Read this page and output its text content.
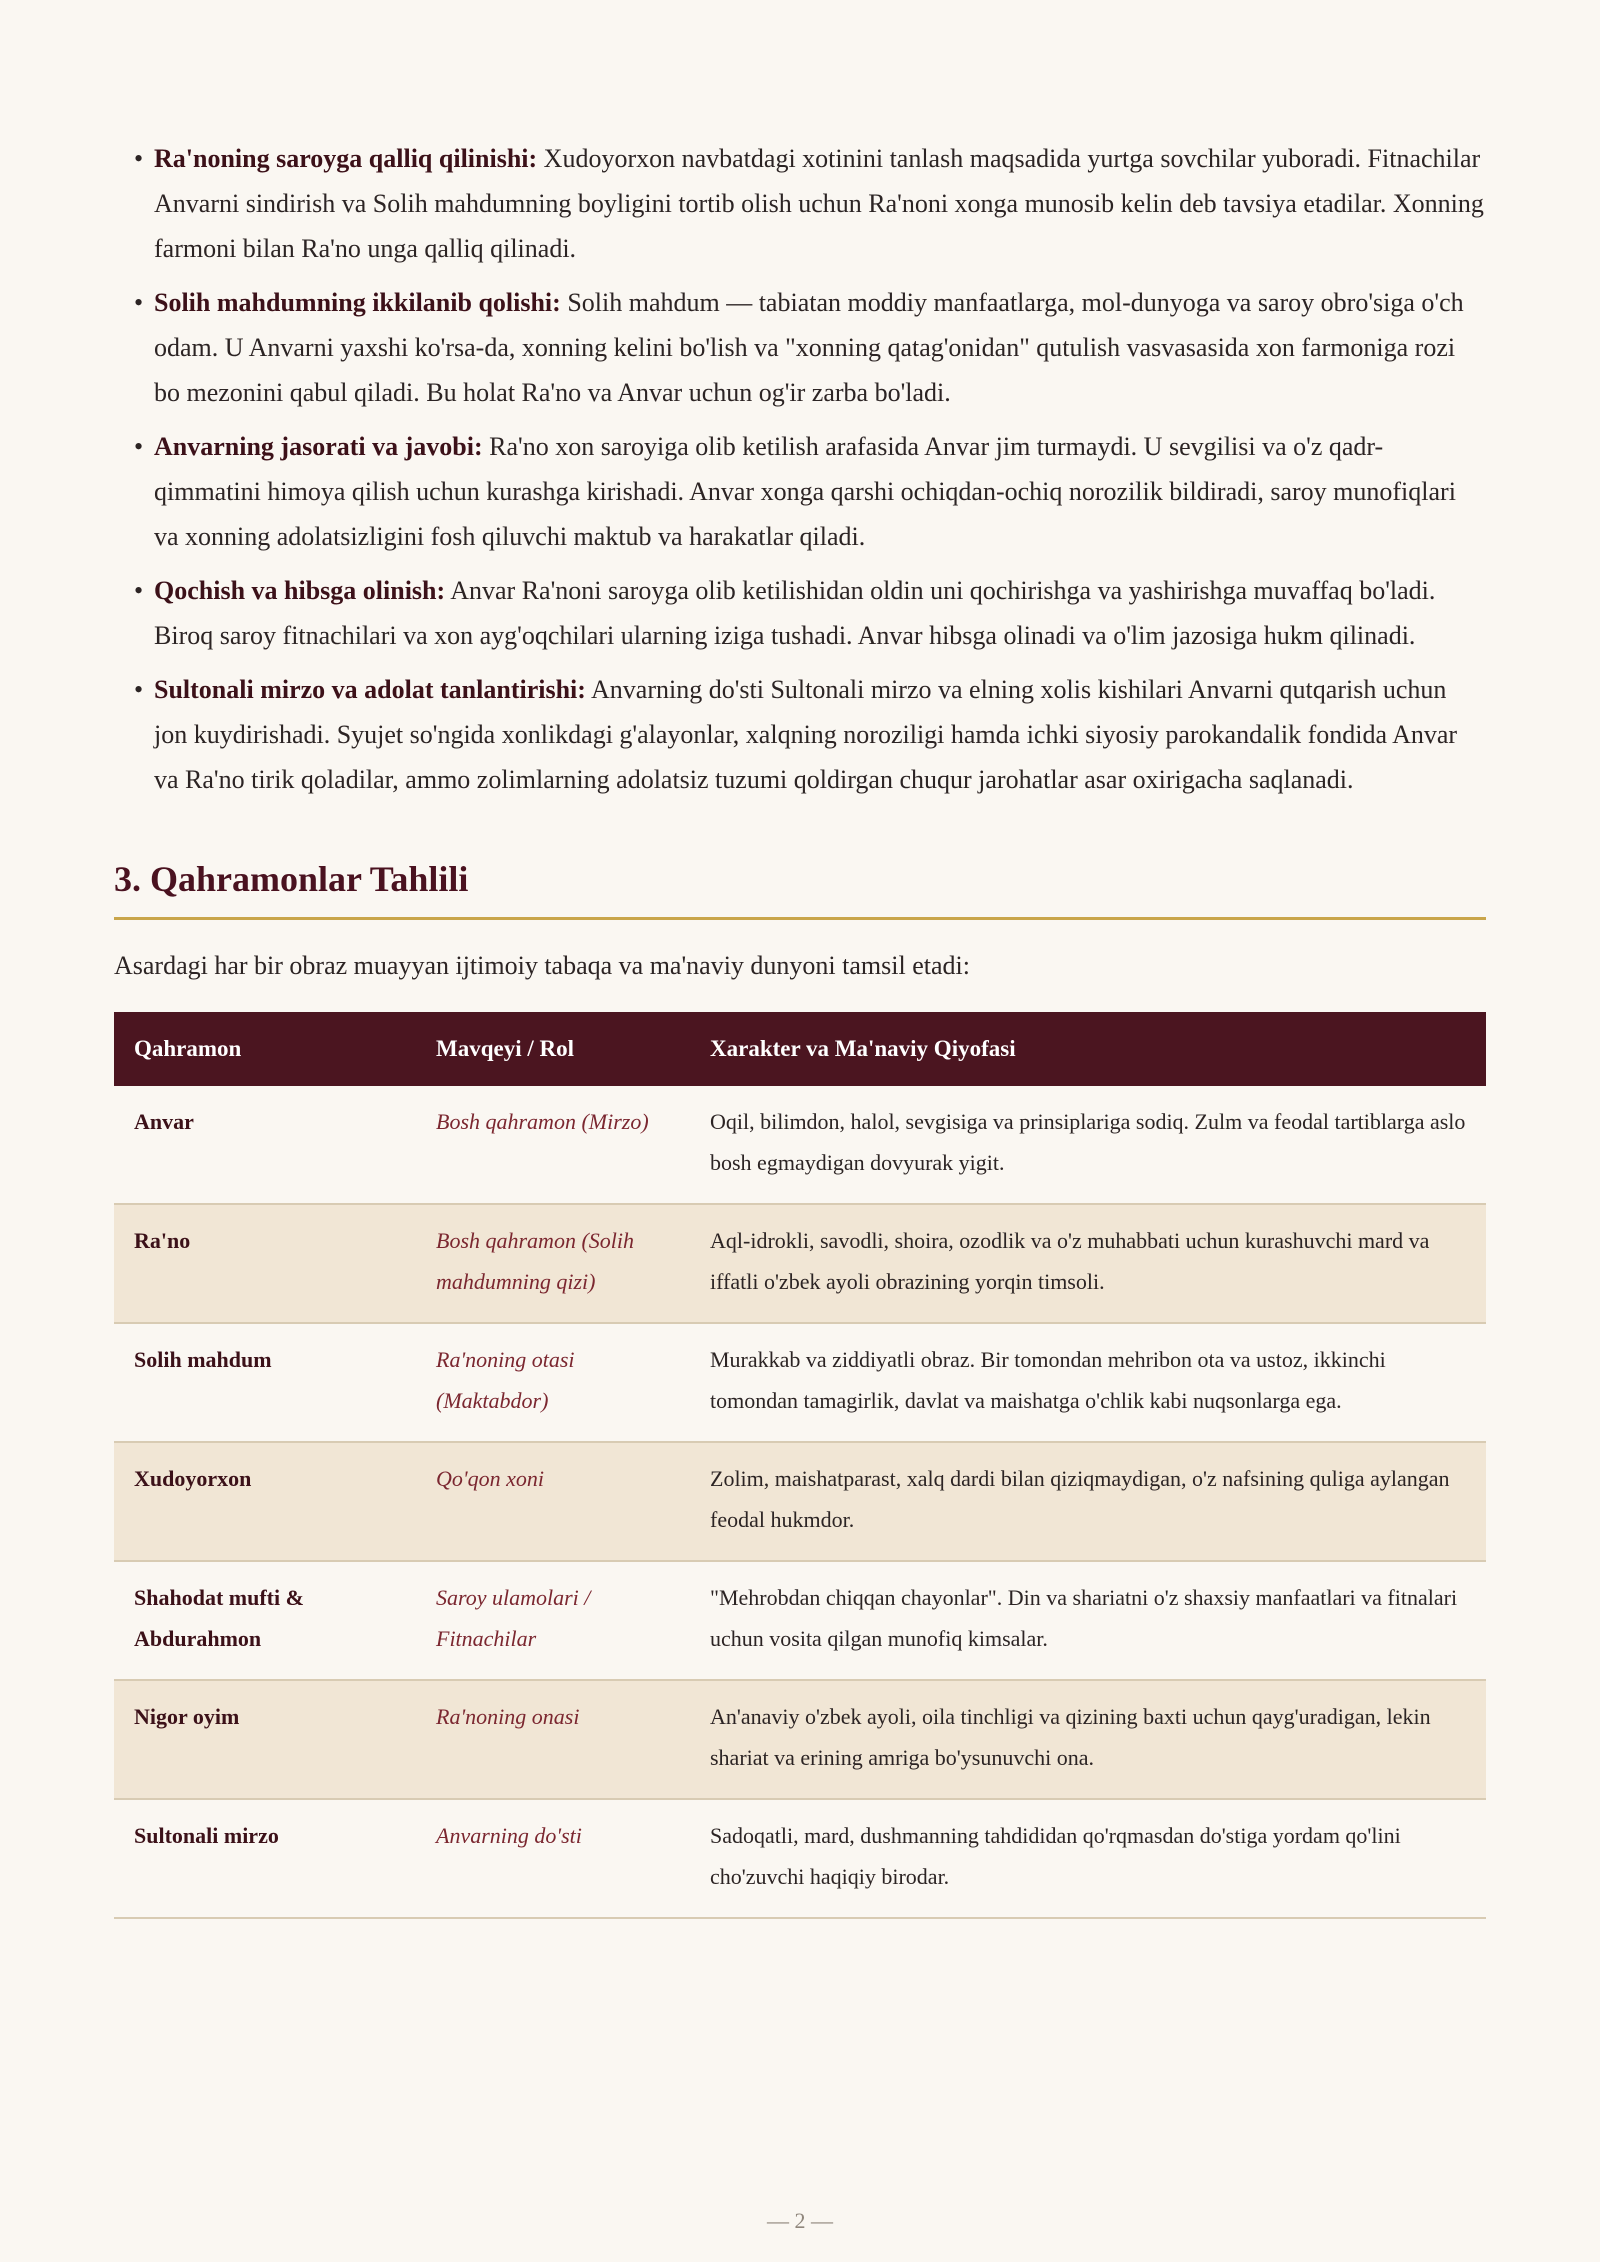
• Ra'noning saroyga qalliq qilinishi: Xudoyorxon navbatdagi xotinini tanlash maqsadida yurtga sovchilar yuboradi. Fitnachilar Anvarni sindirish va Solih mahdumning boyligini tortib olish uchun Ra'noni xonga munosib kelin deb tavsiya etadilar. Xonning farmoni bilan Ra'no unga qalliq qilinadi.
• Solih mahdumning ikkilanib qolishi: Solih mahdum — tabiatan moddiy manfaatlarga, mol-dunyoga va saroy obro'siga o'ch odam. U Anvarni yaxshi ko'rsa-da, xonning kelini bo'lish va "xonning qatag'onidan" qutulish vasvasasida xon farmoniga rozi bo mezonini qabul qiladi. Bu holat Ra'no va Anvar uchun og'ir zarba bo'ladi.
• Anvarning jasorati va javobi: Ra'no xon saroyiga olib ketilish arafasida Anvar jim turmaydi. U sevgilisi va o'z qadr-qimmatini himoya qilish uchun kurashga kirishadi. Anvar xonga qarshi ochiqdan-ochiq norozilik bildiradi, saroy munofiqlari va xonning adolatsizligini fosh qiluvchi maktub va harakatlar qiladi.
• Qochish va hibsga olinish: Anvar Ra'noni saroyga olib ketilishidan oldin uni qochirishga va yashirishga muvaffaq bo'ladi. Biroq saroy fitnachilari va xon ayg'oqchilari ularning iziga tushadi. Anvar hibsga olinadi va o'lim jazosiga hukm qilinadi.
• Sultonali mirzo va adolat tanlantirishi: Anvarning do'sti Sultonali mirzo va elning xolis kishilari Anvarni qutqarish uchun jon kuydirishadi. Syujet so'ngida xonlikdagi g'alayonlar, xalqning noroziligi hamda ichki siyosiy parokandalik fondida Anvar va Ra'no tirik qoladilar, ammo zolimlarning adolatsiz tuzumi qoldirgan chuqur jarohatlar asar oxirigacha saqlanadi.
3. Qahramonlar Tahlili

Asardagi har bir obraz muayyan ijtimoiy tabaqa va ma'naviy dunyoni tamsil etadi:

Qahramon	Mavqeyi / Rol	Xarakter va Ma'naviy Qiyofasi
Anvar	Bosh qahramon (Mirzo)	Oqil, bilimdon, halol, sevgisiga va prinsiplariga sodiq. Zulm va feodal tartiblarga aslo bosh egmaydigan dovyurak yigit.
Ra'no	Bosh qahramon (Solih mahdumning qizi)	Aql-idrokli, savodli, shoira, ozodlik va o'z muhabbati uchun kurashuvchi mard va iffatli o'zbek ayoli obrazining yorqin timsoli.
Solih mahdum	Ra'noning otasi (Maktabdor)	Murakkab va ziddiyatli obraz. Bir tomondan mehribon ota va ustoz, ikkinchi tomondan tamagirlik, davlat va maishatga o'chlik kabi nuqsonlarga ega.
Xudoyorxon	Qo'qon xoni	Zolim, maishatparast, xalq dardi bilan qiziqmaydigan, o'z nafsining quliga aylangan feodal hukmdor.
Shahodat mufti & Abdurahmon	Saroy ulamolari / Fitnachilar	"Mehrobdan chiqqan chayonlar". Din va shariatni o'z shaxsiy manfaatlari va fitnalari uchun vosita qilgan munofiq kimsalar.
Nigor oyim	Ra'noning onasi	An'anaviy o'zbek ayoli, oila tinchligi va qizining baxti uchun qayg'uradigan, lekin shariat va erining amriga bo'ysunuvchi ona.
Sultonali mirzo	Anvarning do'sti	Sadoqatli, mard, dushmanning tahdididan qo'rqmasdan do'stiga yordam qo'lini cho'zuvchi haqiqiy birodar.
— 2 —
